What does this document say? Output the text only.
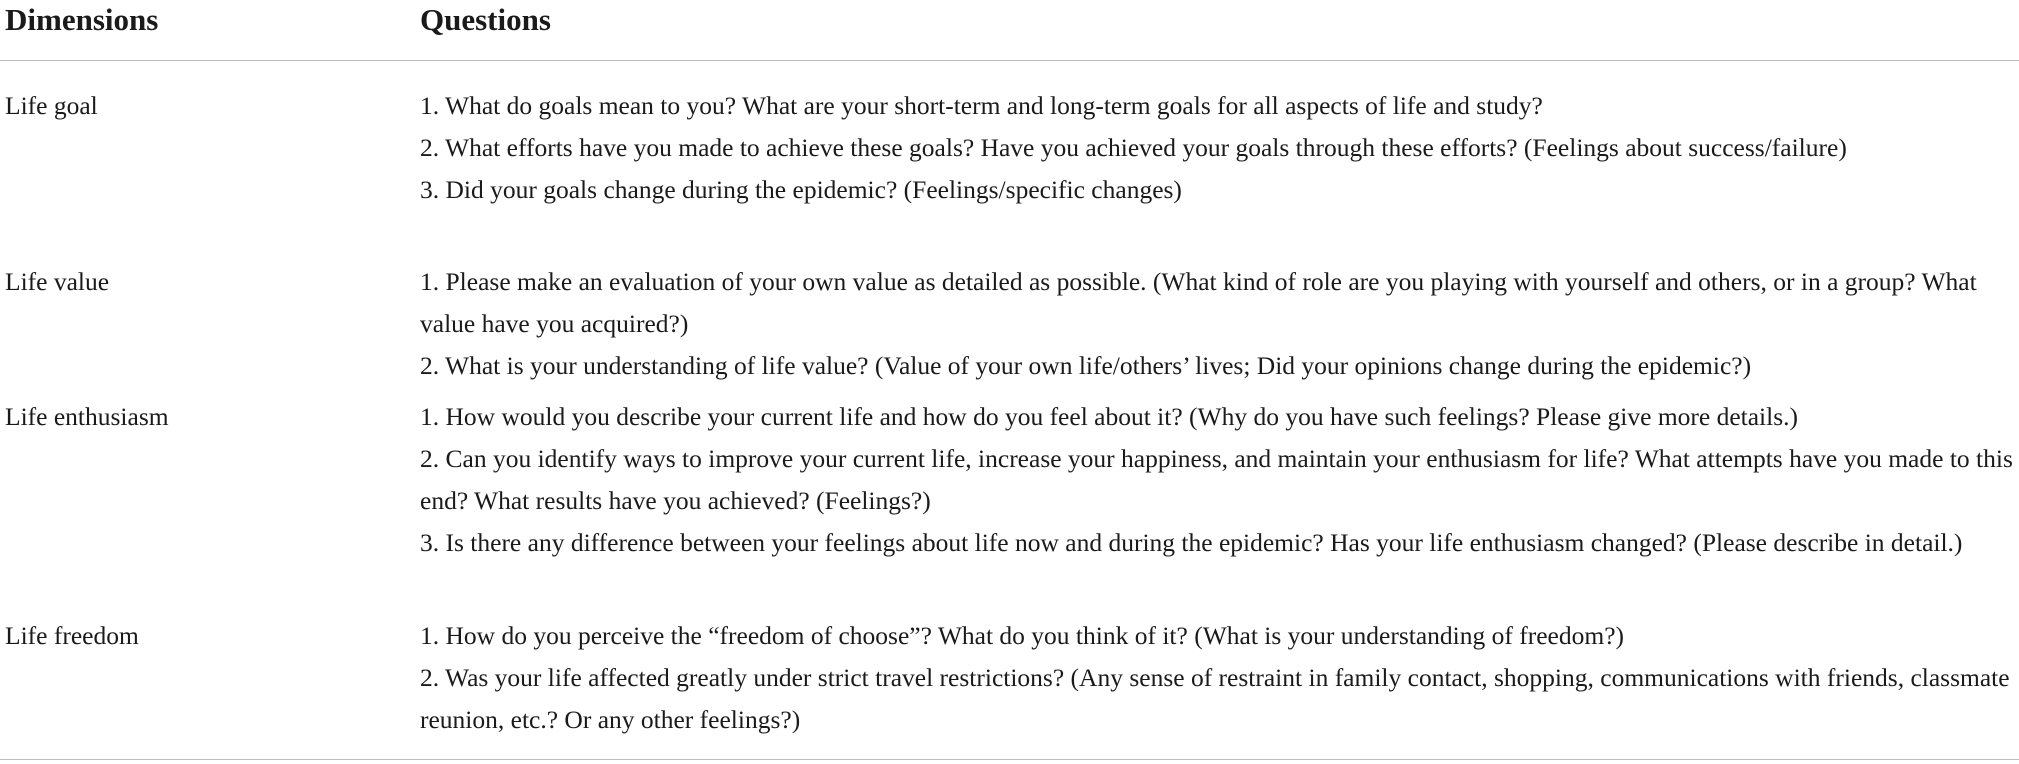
Dimensions	Questions
Life goal	1. What do goals mean to you? What are your short-term and long-term goals for all aspects of life and study?
2. What efforts have you made to achieve these goals? Have you achieved your goals through these efforts? (Feelings about success/failure)
3. Did your goals change during the epidemic? (Feelings/specific changes)
Life value	1. Please make an evaluation of your own value as detailed as possible. (What kind of role are you playing with yourself and others, or in a group? What value have you acquired?)
2. What is your understanding of life value? (Value of your own life/others’ lives; Did your opinions change during the epidemic?)
Life enthusiasm	1. How would you describe your current life and how do you feel about it? (Why do you have such feelings? Please give more details.)
2. Can you identify ways to improve your current life, increase your happiness, and maintain your enthusiasm for life? What attempts have you made to this end? What results have you achieved? (Feelings?)
3. Is there any difference between your feelings about life now and during the epidemic? Has your life enthusiasm changed? (Please describe in detail.)
Life freedom	1. How do you perceive the “freedom of choose”? What do you think of it? (What is your understanding of freedom?)
2. Was your life affected greatly under strict travel restrictions? (Any sense of restraint in family contact, shopping, communications with friends, classmate reunion, etc.? Or any other feelings?)
